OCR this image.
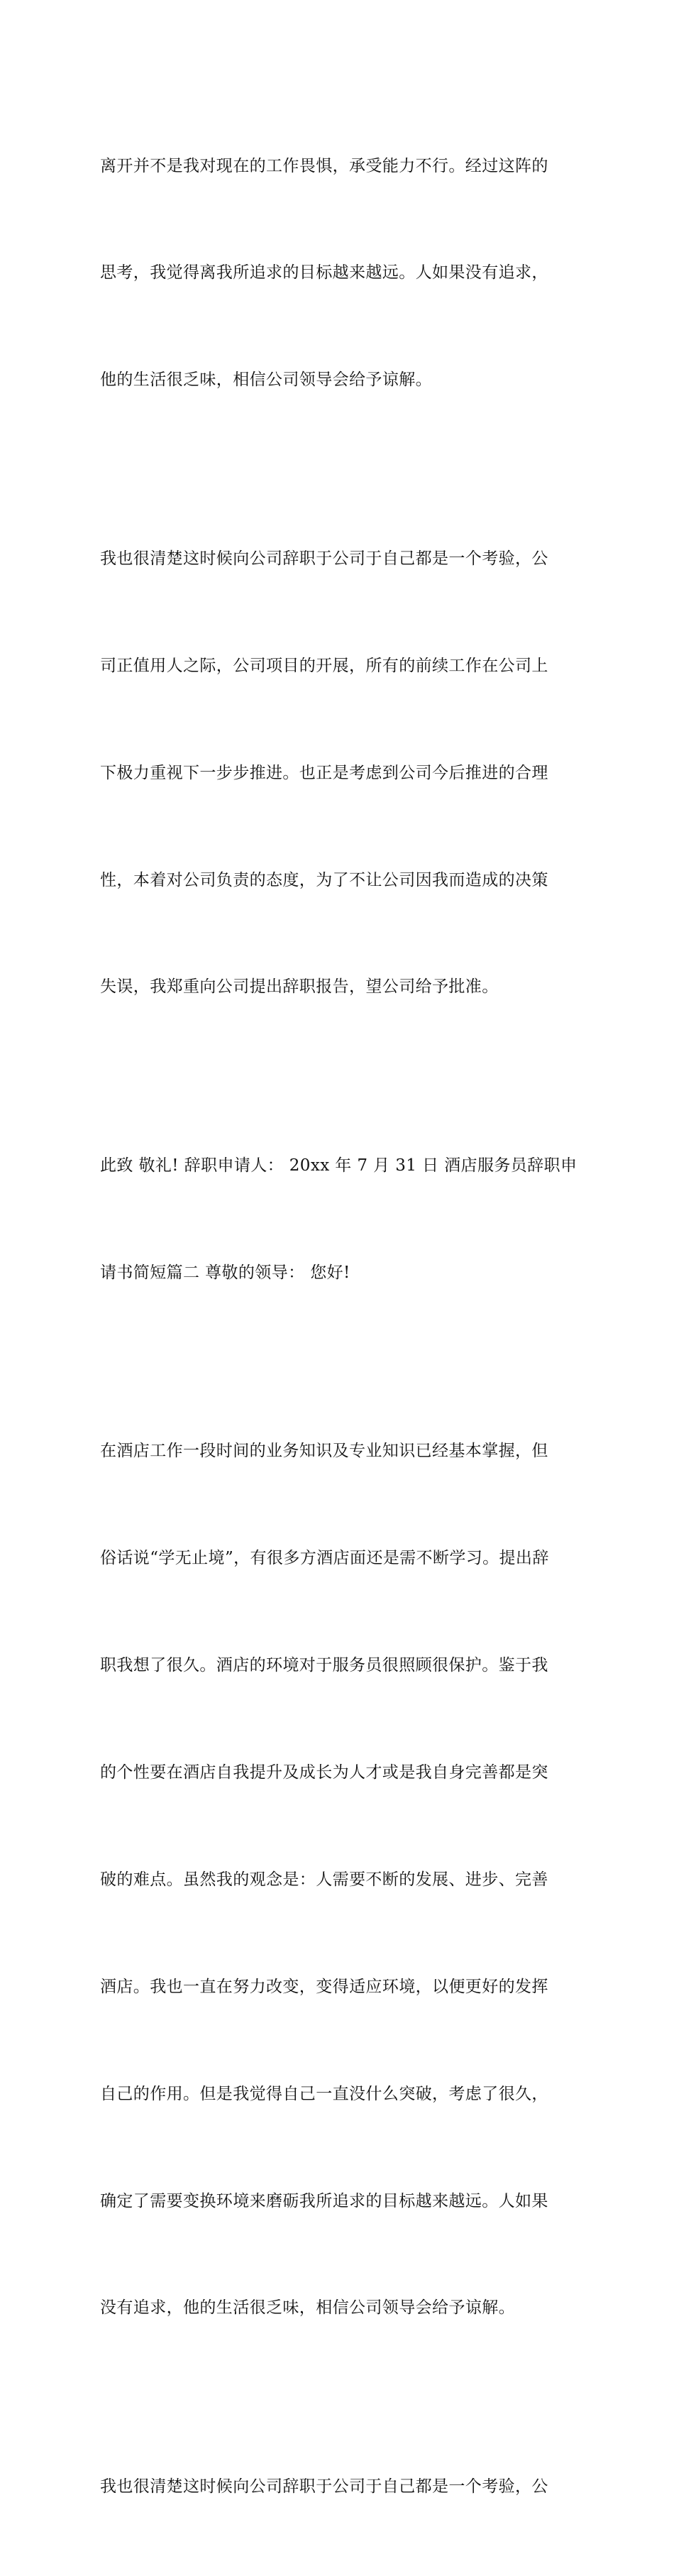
离开并不是我对现在的工作畏惧，承受能力不行。经过这阵的

思考，我觉得离我所追求的目标越来越远。人如果没有追求，

他的生活很乏味，相信公司领导会给予谅解。

我也很清楚这时候向公司辞职于公司于自己都是一个考验，公

司正值用人之际，公司项目的开展，所有的前续工作在公司上

下极力重视下一步步推进。也正是考虑到公司今后推进的合理

性，本着对公司负责的态度，为了不让公司因我而造成的决策

失误，我郑重向公司提出辞职报告，望公司给予批准。

此致 敬礼! 辞职申请人： 20xx 年 7 月 31 日 酒店服务员辞职申

请书简短篇二 尊敬的领导： 您好!

在酒店工作一段时间的业务知识及专业知识已经基本掌握，但

俗话说“学无止境”，有很多方酒店面还是需不断学习。提出辞

职我想了很久。酒店的环境对于服务员很照顾很保护。鉴于我

的个性要在酒店自我提升及成长为人才或是我自身完善都是突

破的难点。虽然我的观念是：人需要不断的发展、进步、完善

酒店。我也一直在努力改变，变得适应环境，以便更好的发挥

自己的作用。但是我觉得自己一直没什么突破，考虑了很久，

确定了需要变换环境来磨砺我所追求的目标越来越远。人如果

没有追求，他的生活很乏味，相信公司领导会给予谅解。

我也很清楚这时候向公司辞职于公司于自己都是一个考验，公
